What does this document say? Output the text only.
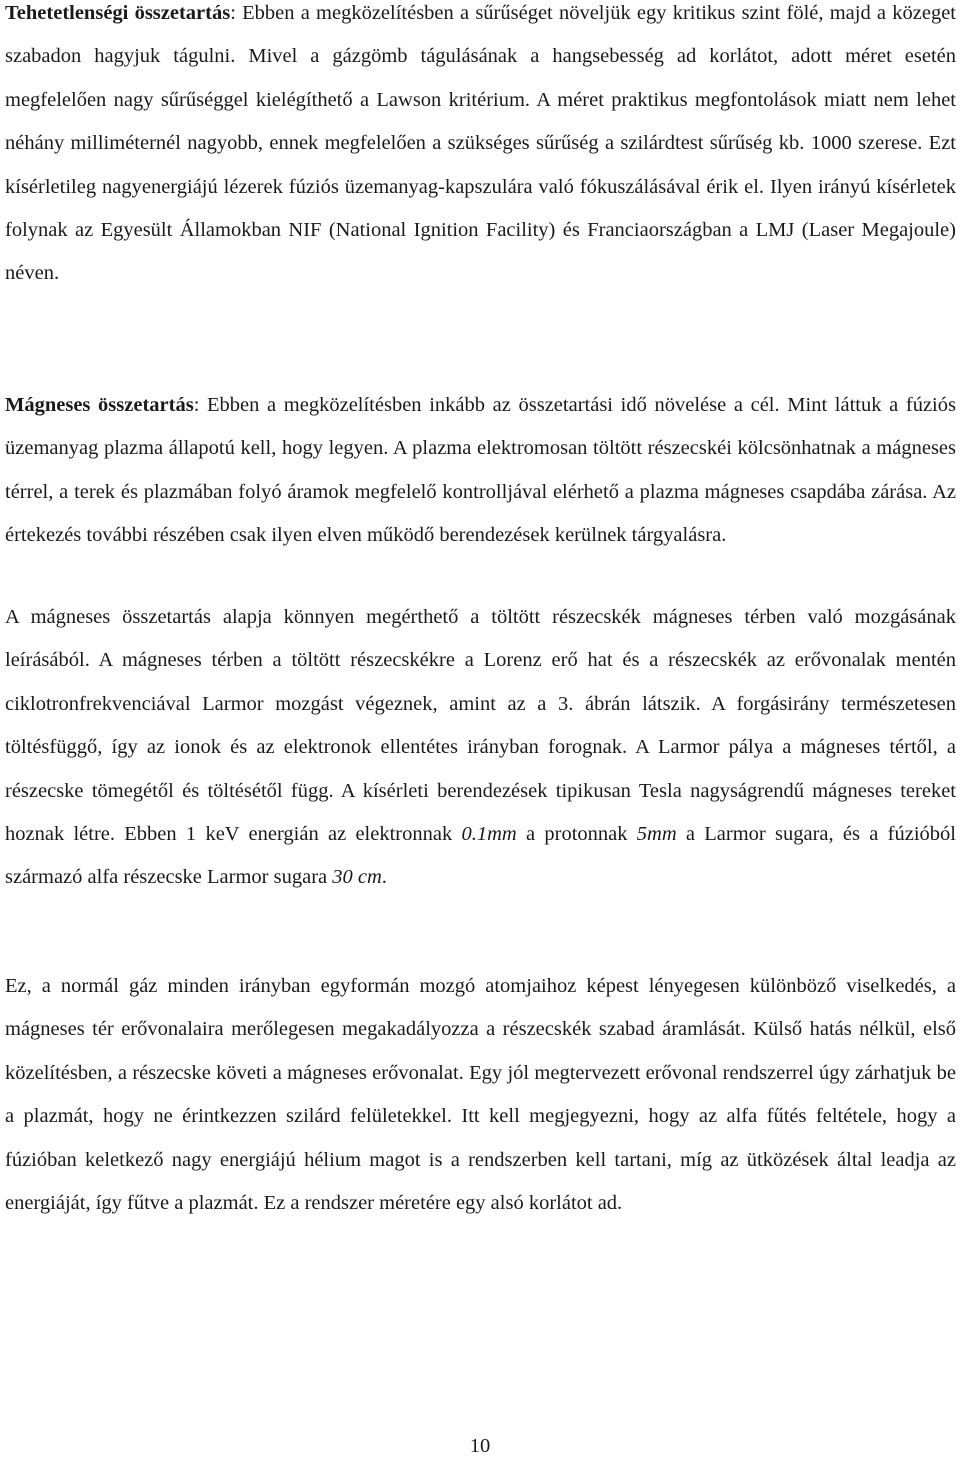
Tehetetlenségi összetartás: Ebben a megközelítésben a sűrűséget növeljük egy kritikus szint fölé, majd a közeget szabadon hagyjuk tágulni. Mivel a gázgömb tágulásának a hangsebesség ad korlátot, adott méret esetén megfelelően nagy sűrűséggel kielégíthető a Lawson kritérium. A méret praktikus megfontolások miatt nem lehet néhány milliméternél nagyobb, ennek megfelelően a szükséges sűrűség a szilárdtest sűrűség kb. 1000 szerese. Ezt kísérletileg nagyenergiájú lézerek fúziós üzemanyag-kapszulára való fókuszálásával érik el. Ilyen irányú kísérletek folynak az Egyesült Államokban NIF (National Ignition Facility) és Franciaországban a LMJ (Laser Megajoule) néven.

Mágneses összetartás: Ebben a megközelítésben inkább az összetartási idő növelése a cél. Mint láttuk a fúziós üzemanyag plazma állapotú kell, hogy legyen. A plazma elektromosan töltött részecskéi kölcsönhatnak a mágneses térrel, a terek és plazmában folyó áramok megfelelő kontrolljával elérhető a plazma mágneses csapdába zárása. Az értekezés további részében csak ilyen elven működő berendezések kerülnek tárgyalásra.

A mágneses összetartás alapja könnyen megérthető a töltött részecskék mágneses térben való mozgásának leírásából. A mágneses térben a töltött részecskékre a Lorenz erő hat és a részecskék az erővonalak mentén ciklotronfrekvenciával Larmor mozgást végeznek, amint az a 3. ábrán látszik. A forgásirány természetesen töltésfüggő, így az ionok és az elektronok ellentétes irányban forognak. A Larmor pálya a mágneses tértől, a részecske tömegétől és töltésétől függ. A kísérleti berendezések tipikusan Tesla nagyságrendű mágneses tereket hoznak létre. Ebben 1 keV energián az elektronnak 0.1mm a protonnak 5mm a Larmor sugara, és a fúzióból származó alfa részecske Larmor sugara 30 cm.

Ez, a normál gáz minden irányban egyformán mozgó atomjaihoz képest lényegesen különböző viselkedés, a mágneses tér erővonalaira merőlegesen megakadályozza a részecskék szabad áramlását. Külső hatás nélkül, első közelítésben, a részecske követi a mágneses erővonalat. Egy jól megtervezett erővonal rendszerrel úgy zárhatjuk be a plazmát, hogy ne érintkezzen szilárd felületekkel. Itt kell megjegyezni, hogy az alfa fűtés feltétele, hogy a fúzióban keletkező nagy energiájú hélium magot is a rendszerben kell tartani, míg az ütközések által leadja az energiáját, így fűtve a plazmát. Ez a rendszer méretére egy alsó korlátot ad.

10
